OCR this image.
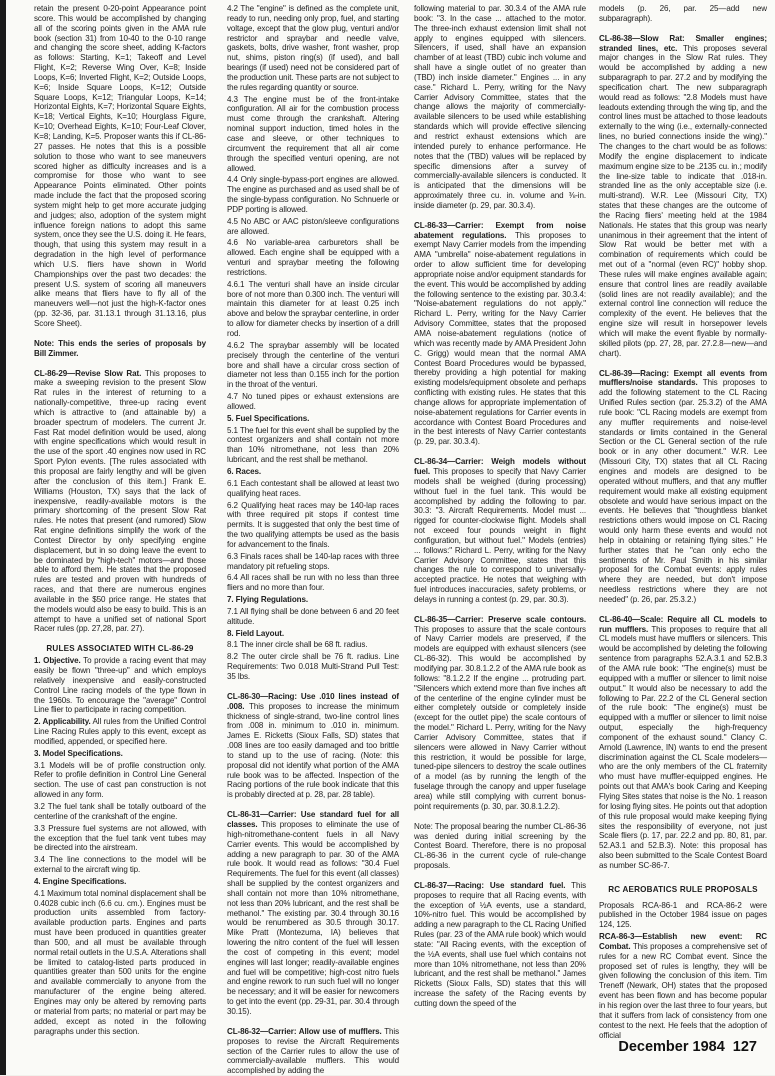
retain the present 0-20-point Appearance point score. This would be accomplished by changing all of the scoring points given in the AMA rule book (section 31) from 10-40 to the 0-10 range and changing the score sheet, adding K-factors as follows: Starting, K=1; Takeoff and Level Flight, K=2; Reverse Wing Over, K=8; Inside Loops, K=6; Inverted Flight, K=2; Outside Loops, K=6; Inside Square Loops, K=12; Outside Square Loops, K=12; Triangular Loops, K=14; Horizontal Eights, K=7; Horizontal Square Eights, K=18; Vertical Eights, K=10; Hourglass Figure, K=10; Overhead Eights, K=10; Four-Leaf Clover, K=8; Landing, K=5. Proposer wants this if CL-86-27 passes. He notes that this is a possible solution to those who want to see maneuvers scored higher as difficulty increases and is a compromise for those who want to see Appearance Points eliminated. Other points made include the fact that the proposed scoring system might help to get more accurate judging and judges; also, adoption of the system might influence foreign nations to adopt this same system, once they see the U.S. doing it. He fears, though, that using this system may result in a degradation in the high level of performance which U.S. fliers have shown in World Championships over the past two decades: the present U.S. system of scoring all maneuvers alike means that fliers have to fly all of the maneuvers well—not just the high-K-factor ones (pp. 32-36, par. 31.13.1 through 31.13.16, plus Score Sheet).

Note: This ends the series of proposals by Bill Zimmer.

CL-86-29—Revise Slow Rat. This proposes to make a sweeping revision to the present Slow Rat rules in the interest of returning to a nationally-competitive, three-up racing event which is attractive to (and attainable by) a broader spectrum of modelers. The current Jr. Fast Rat model definition would be used, along with engine specifications which would result in the use of the sport .40 engines now used in RC Sport Pylon events. [The rules associated with this proposal are fairly lengthy and will be given after the conclusion of this item.] Frank E. Williams (Houston, TX) says that the lack of inexpensive, readily-available motors is the primary shortcoming of the present Slow Rat rules. He notes that present (and rumored) Slow Rat engine definitions simplify the work of the Contest Director by only specifying engine displacement, but in so doing leave the event to be dominated by "high-tech" motors—and those able to afford them. He states that the proposed rules are tested and proven with hundreds of races, and that there are numerous engines available in the $50 price range. He states that the models would also be easy to build. This is an attempt to have a unified set of national Sport Racer rules (pp. 27,28, par. 27).

RULES ASSOCIATED WITH CL-86-29

1. Objective. To provide a racing event that may easily be flown "three-up" and which employs relatively inexpensive and easily-constructed Control Line racing models of the type flown in the 1960s. To encourage the "average" Control Line flier to participate in racing competition.

2. Applicability. All rules from the Unified Control Line Racing Rules apply to this event, except as modified, appended, or specified here.

3. Model Specifications.

3.1 Models will be of profile construction only. Refer to profile definition in Control Line General section. The use of cast pan construction is not allowed in any form.

3.2 The fuel tank shall be totally outboard of the centerline of the crankshaft of the engine.

3.3 Pressure fuel systems are not allowed, with the exception that the fuel tank vent tubes may be directed into the airstream.

3.4 The line connections to the model will be external to the aircraft wing tip.

4. Engine Specifications.

4.1 Maximum total nominal displacement shall be 0.4028 cubic inch (6.6 cu. cm.). Engines must be production units assembled from factory-available production parts. Engines and parts must have been produced in quantities greater than 500, and all must be available through normal retail outlets in the U.S.A. Alterations shall be limited to catalog-listed parts produced in quantities greater than 500 units for the engine and available commercially to anyone from the manufacturer of the engine being altered. Engines may only be altered by removing parts or material from parts; no material or part may be added, except as noted in the following paragraphs under this section.

4.2 The "engine" is defined as the complete unit, ready to run, needing only prop, fuel, and starting voltage, except that the glow plug, venturi and/or restrictor and spraybar and needle valve, gaskets, bolts, drive washer, front washer, prop nut, shims, piston ring(s) (if used), and ball bearings (if used) need not be considered part of the production unit. These parts are not subject to the rules regarding quantity or source.

4.3 The engine must be of the front-intake configuration. All air for the combustion process must come through the crankshaft. Altering nominal support induction, timed holes in the case and sleeve, or other techniques to circumvent the requirement that all air come through the specified venturi opening, are not allowed.

4.4 Only single-bypass-port engines are allowed. The engine as purchased and as used shall be of the single-bypass configuration. No Schnuerle or PDP porting is allowed.

4.5 No ABC or AAC piston/sleeve configurations are allowed.

4.6 No variable-area carburetors shall be allowed. Each engine shall be equipped with a venturi and spraybar meeting the following restrictions.

4.6.1 The venturi shall have an inside circular bore of not more than 0.300 inch. The venturi will maintain this diameter for at least 0.25 inch above and below the spraybar centerline, in order to allow for diameter checks by insertion of a drill rod.

4.6.2 The spraybar assembly will be located precisely through the centerline of the venturi bore and shall have a circular cross section of diameter not less than 0.155 inch for the portion in the throat of the venturi.

4.7 No tuned pipes or exhaust extensions are allowed.

5. Fuel Specifications.

5.1 The fuel for this event shall be supplied by the contest organizers and shall contain not more than 10% nitromethane, not less than 20% lubricant, and the rest shall be methanol.

6. Races.

6.1 Each contestant shall be allowed at least two qualifying heat races.

6.2 Qualifying heat races may be 140-lap races with three required pit stops if contest time permits. It is suggested that only the best time of the two qualifying attempts be used as the basis for advancement to the finals.

6.3 Finals races shall be 140-lap races with three mandatory pit refueling stops.

6.4 All races shall be run with no less than three fliers and no more than four.

7. Flying Regulations.

7.1 All flying shall be done between 6 and 20 feet altitude.

8. Field Layout.

8.1 The inner circle shall be 68 ft. radius.

8.2 The outer circle shall be 76 ft. radius. Line Requirements: Two 0.018 Multi-Strand Pull Test: 35 lbs.

CL-86-30—Racing: Use .010 lines instead of .008. This proposes to increase the minimum thickness of single-strand, two-line control lines from .008 in. minimum to .010 in. minimum. James E. Ricketts (Sioux Falls, SD) states that .008 lines are too easily damaged and too brittle to stand up to the use of racing. (Note: this proposal did not identify what portion of the AMA rule book was to be affected. Inspection of the Racing portions of the rule book indicate that this is probably directed at p. 28, par. 28 table).

CL-86-31—Carrier: Use standard fuel for all classes. This proposes to eliminate the use of high-nitromethane-content fuels in all Navy Carrier events. This would be accomplished by adding a new paragraph to par. 30 of the AMA rule book. It would read as follows: "30.4 Fuel Requirements. The fuel for this event (all classes) shall be supplied by the contest organizers and shall contain not more than 10% nitromethane, not less than 20% lubricant, and the rest shall be methanol." The existing par. 30.4 through 30.16 would be renumbered as 30.5 through 30.17. Mike Pratt (Montezuma, IA) believes that lowering the nitro content of the fuel will lessen the cost of competing in this event; model engines will last longer; readily-available engines and fuel will be competitive; high-cost nitro fuels and engine rework to run such fuel will no longer be necessary; and it will be easier for newcomers to get into the event (pp. 29-31, par. 30.4 through 30.15).

CL-86-32—Carrier: Allow use of mufflers. This proposes to revise the Aircraft Requirements section of the Carrier rules to allow the use of commercially-available mufflers. This would accomplished by adding the

following material to par. 30.3.4 of the AMA rule book: "3. In the case ... attached to the motor. The three-inch exhaust extension limit shall not apply to engines equipped with silencers. Silencers, if used, shall have an expansion chamber of at least (TBD) cubic inch volume and shall have a single outlet of no greater than (TBD) inch inside diameter." Engines ... in any case." Richard L. Perry, writing for the Navy Carrier Advisory Committee, states that the change allows the majority of commercially-available silencers to be used while establishing standards which will provide effective silencing and restrict exhaust extensions which are intended purely to enhance performance. He notes that the (TBD) values will be replaced by specific dimensions after a survey of commercially-available silencers is conducted. It is anticipated that the dimensions will be approximately three cu. in. volume and ⅜-in. inside diameter (p. 29, par. 30.3.4).

CL-86-33—Carrier: Exempt from noise abatement regulations. This proposes to exempt Navy Carrier models from the impending AMA "umbrella" noise-abatement regulations in order to allow sufficient time for developing appropriate noise and/or equipment standards for the event. This would be accomplished by adding the following sentence to the existing par. 30.3.4: "Noise-abatement regulations do not apply." Richard L. Perry, writing for the Navy Carrier Advisory Committee, states that the proposed AMA noise-abatement regulations (notice of which was recently made by AMA President John C. Grigg) would mean that the normal AMA Contest Board Procedures would be bypassed, thereby providing a high potential for making existing models/equipment obsolete and perhaps conflicting with existing rules. He states that this change allows for appropriate implementation of noise-abatement regulations for Carrier events in accordance with Contest Board Procedures and in the best interests of Navy Carrier contestants (p. 29, par. 30.3.4).

CL-86-34—Carrier: Weigh models without fuel. This proposes to specify that Navy Carrier models shall be weighed (during processing) without fuel in the fuel tank. This would be accomplished by adding the following to par. 30.3: "3. Aircraft Requirements. Model must ... rigged for counter-clockwise flight. Models shall not exceed four pounds weight in flight configuration, but without fuel." Models (entries) ... follows:" Richard L. Perry, writing for the Navy Carrier Advisory Committee, states that this changes the rule to correspond to universally-accepted practice. He notes that weighing with fuel introduces inaccuracies, safety problems, or delays in running a contest (p. 29, par. 30.3).

CL-86-35—Carrier: Preserve scale contours. This proposes to assure that the scale contours of Navy Carrier models are preserved, if the models are equipped with exhaust silencers (see CL-86-32). This would be accomplished by modifying par. 30.8.1.2.2 of the AMA rule book as follows: "8.1.2.2 If the engine ... protruding part. "Silencers which extend more than five inches aft of the centerline of the engine cylinder must be either completely outside or completely inside (except for the outlet pipe) the scale contours of the model." Richard L. Perry, writing for the Navy Carrier Advisory Committee, states that if silencers were allowed in Navy Carrier without this restriction, it would be possible for large, tuned-pipe silencers to destroy the scale outlines of a model (as by running the length of the fuselage through the canopy and upper fuselage area) while still complying with current bonus-point requirements (p. 30, par. 30.8.1.2.2).

Note: The proposal bearing the number CL-86-36 was denied during initial screening by the Contest Board. Therefore, there is no proposal CL-86-36 in the current cycle of rule-change proposals.

CL-86-37—Racing: Use standard fuel. This proposes to require that all Racing events, with the exception of ½A events, use a standard, 10%-nitro fuel. This would be accomplished by adding a new paragraph to the CL Racing Unified Rules (par. 23 of the AMA rule book) which would state: "All Racing events, with the exception of the ½A events, shall use fuel which contains not more than 10% nitromethane, not less than 20% lubricant, and the rest shall be methanol." James Ricketts (Sioux Falls, SD) states that this will increase the safety of the Racing events by cutting down the speed of the

models (p. 26, par. 25—add new subparagraph).

CL-86-38—Slow Rat: Smaller engines; stranded lines, etc. This proposes several major changes in the Slow Rat rules. They would be accomplished by adding a new subparagraph to par. 27.2 and by modifying the specification chart. The new subparagraph would read as follows: "2.8 Models must have leadouts extending through the wing tip, and the control lines must be attached to those leadouts externally to the wing (i.e., externally-connected lines, no buried connections inside the wing)." The changes to the chart would be as follows: Modify the engine displacement to indicate maximum engine size to be .2135 cu. in.; modify the line-size table to indicate that .018-in. stranded line as the only acceptable size (i.e. multi-strand). W.R. Lee (Missouri City, TX) states that these changes are the outcome of the Racing fliers' meeting held at the 1984 Nationals. He states that this group was nearly unanimous in their agreement that the intent of Slow Rat would be better met with a combination of requirements which could be met out of a "normal (even RC)" hobby shop. These rules will make engines available again; ensure that control lines are readily available (solid lines are not readily available); and the external control line connection will reduce the complexity of the event. He believes that the engine size will result in horsepower levels which will make the event flyable by normally-skilled pilots (pp. 27, 28, par. 27.2.8—new—and chart).

CL-86-39—Racing: Exempt all events from mufflers/noise standards. This proposes to add the following statement to the CL Racing Unified Rules section (par. 25.3.2) of the AMA rule book: "CL Racing models are exempt from any muffler requirements and noise-level standards or limits contained in the General Section or the CL General section of the rule book or in any other document." W.R. Lee (Missouri City, TX) states that all CL Racing engines and models are designed to be operated without mufflers, and that any muffler requirement would make all existing equipment obsolete and would have serious impact on the events. He believes that "thoughtless blanket restrictions others would impose on CL Racing would only harm these events and would not help in obtaining or retaining flying sites." He further states that he "can only echo the sentiments of Mr. Paul Smith in his similar proposal for the Combat events: apply rules where they are needed, but don't impose needless restrictions where they are not needed" (p. 26, par. 25.3.2.)

CL-86-40—Scale: Require all CL models to run mufflers. This proposes to require that all CL models must have mufflers or silencers. This would be accomplished by deleting the following sentence from paragraphs 52.A.3.1 and 52.B.3 of the AMA rule book: "The engine(s) must be equipped with a muffler or silencer to limit noise output." It would also be necessary to add the following to Par. 22.2 of the CL General section of the rule book: "The engine(s) must be equipped with a muffler or silencer to limit noise output, especially the high-frequency component of the exhaust sound." Clancy C. Arnold (Lawrence, IN) wants to end the present discrimination against the CL Scale modelers—who are the only members of the CL fraternity who must have muffler-equipped engines. He points out that AMA's book Caring and Keeping Flying Sites states that noise is the No. 1 reason for losing flying sites. He points out that adoption of this rule proposal would make keeping flying sites the responsibility of everyone, not just Scale fliers (p. 17, par. 22.2 and pp. 80, 81, par. 52.A3.1 and 52.B.3). Note: this proposal has also been submitted to the Scale Contest Board as number SC-86-7.

RC AEROBATICS RULE PROPOSALS

Proposals RCA-86-1 and RCA-86-2 were published in the October 1984 issue on pages 124, 125.

RCA-86-3—Establish new event: RC Combat. This proposes a comprehensive set of rules for a new RC Combat event. Since the proposed set of rules is lengthy, they will be given following the conclusion of this item. Tim Treneff (Newark, OH) states that the proposed event has been flown and has become popular in his region over the last three to four years, but that it suffers from lack of consistency from one contest to the next. He feels that the adoption of official

December 1984 127
